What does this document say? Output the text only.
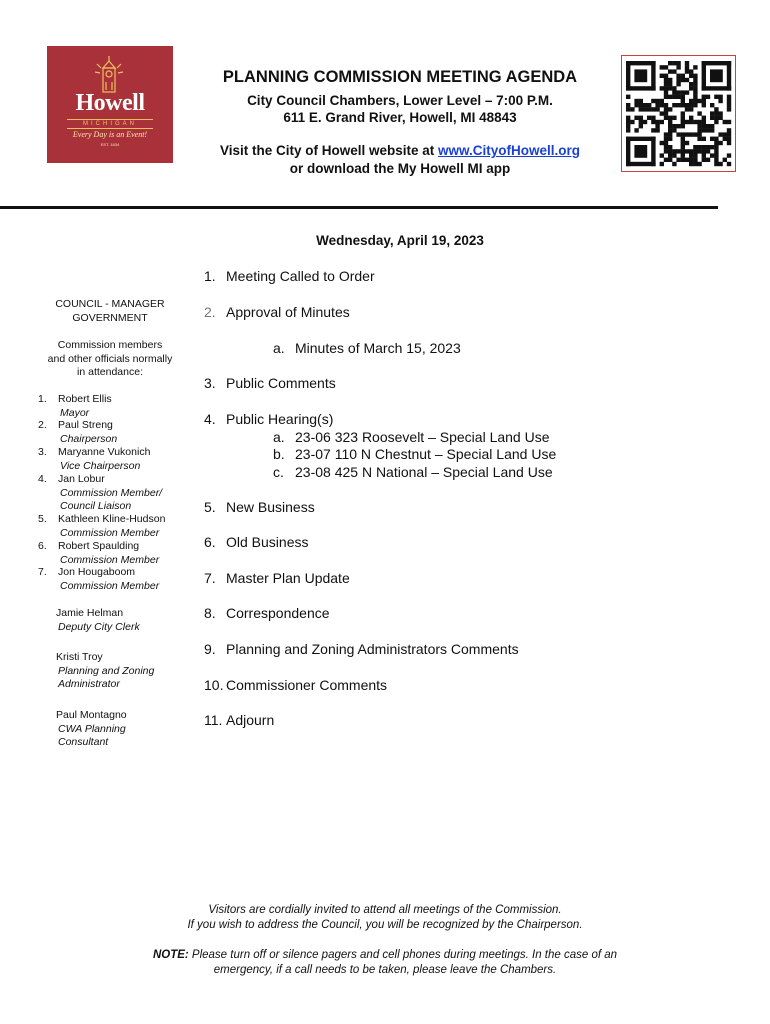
Howell
MICHIGAN
Every Day is an Event!
EST. 1834
PLANNING COMMISSION MEETING AGENDA
City Council Chambers, Lower Level – 7:00 P.M.
611 E. Grand River, Howell, MI 48843
Visit the City of Howell website at www.CityofHowell.org
or download the My Howell MI app
Wednesday, April 19, 2023
COUNCIL - MANAGER
GOVERNMENT
Commission members
and other officials normally
in attendance:
1. Robert Ellis
Mayor
2. Paul Streng
Chairperson
3. Maryanne Vukonich
Vice Chairperson
4. Jan Lobur
Commission Member/
Council Liaison
5. Kathleen Kline-Hudson
Commission Member
6. Robert Spaulding
Commission Member
7. Jon Hougaboom
Commission Member
Jamie Helman
Deputy City Clerk
Kristi Troy
Planning and Zoning
Administrator
Paul Montagno
CWA Planning
Consultant
1. Meeting Called to Order
2. Approval of Minutes
a. Minutes of March 15, 2023
3. Public Comments
4. Public Hearing(s)
a. 23-06 323 Roosevelt – Special Land Use
b. 23-07 110 N Chestnut – Special Land Use
c. 23-08 425 N National – Special Land Use
5. New Business
6. Old Business
7. Master Plan Update
8. Correspondence
9. Planning and Zoning Administrators Comments
10. Commissioner Comments
11. Adjourn
Visitors are cordially invited to attend all meetings of the Commission.
If you wish to address the Council, you will be recognized by the Chairperson.
NOTE: Please turn off or silence pagers and cell phones during meetings. In the case of an
emergency, if a call needs to be taken, please leave the Chambers.
